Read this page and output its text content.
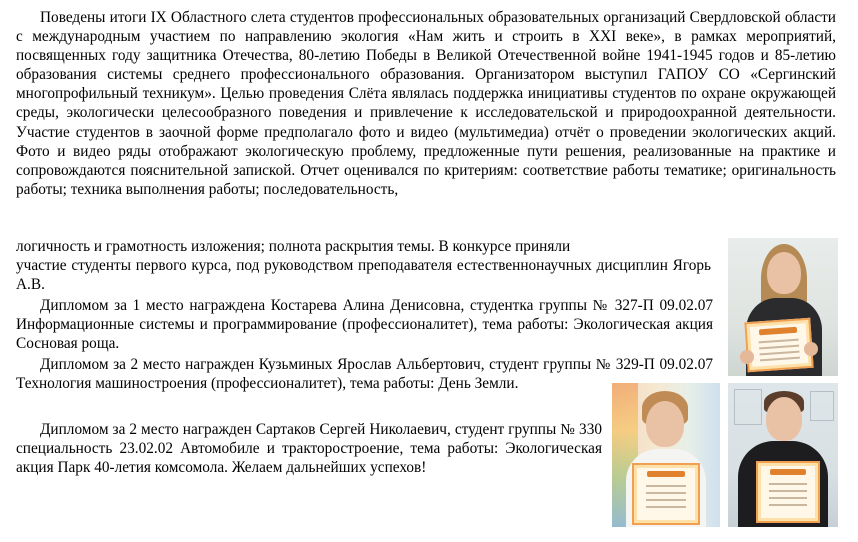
Поведены итоги IX Областного слета студентов профессиональных образовательных организаций Свердловской области с международным участием по направлению экология «Нам жить и строить в XXI веке», в рамках мероприятий, посвященных году защитника Отечества, 80-летию Победы в Великой Отечественной войне 1941-1945 годов и 85-летию образования системы среднего профессионального образования. Организатором выступил ГАПОУ СО «Сергинский многопрофильный техникум». Целью проведения Слёта являлась поддержка инициативы студентов по охране окружающей среды, экологически целесообразного поведения и привлечение к исследовательской и природоохранной деятельности. Участие студентов в заочной форме предполагало фото и видео (мультимедиа) отчёт о проведении экологических акций. Фото и видео ряды отображают экологическую проблему, предложенные пути решения, реализованные на практике и сопровождаются пояснительной запиской. Отчет оценивался по критериям: соответствие работы тематике; оригинальность работы; техника выполнения работы; последовательность,

логичность и грамотность изложения; полнота раскрытия темы. В конкурсе приняли
участие студенты первого курса, под руководством преподавателя естественнонаучных дисциплин Ягорь А.В.

Дипломом за 1 место награждена Костарева Алина Денисовна, студентка группы № 327-П 09.02.07 Информационные системы и программирование (профессионалитет), тема работы: Экологическая акция Сосновая роща.

Дипломом за 2 место награжден Кузьминых Ярослав Альбертович, студент группы № 329-П 09.02.07 Технология машиностроения (профессионалитет), тема работы: День Земли.

Дипломом за 2 место награжден Сартаков Сергей Николаевич, студент группы № 330 специальность 23.02.02 Автомобиле и тракторостроение, тема работы: Экологическая акция Парк 40-летия комсомола. Желаем дальнейших успехов!
